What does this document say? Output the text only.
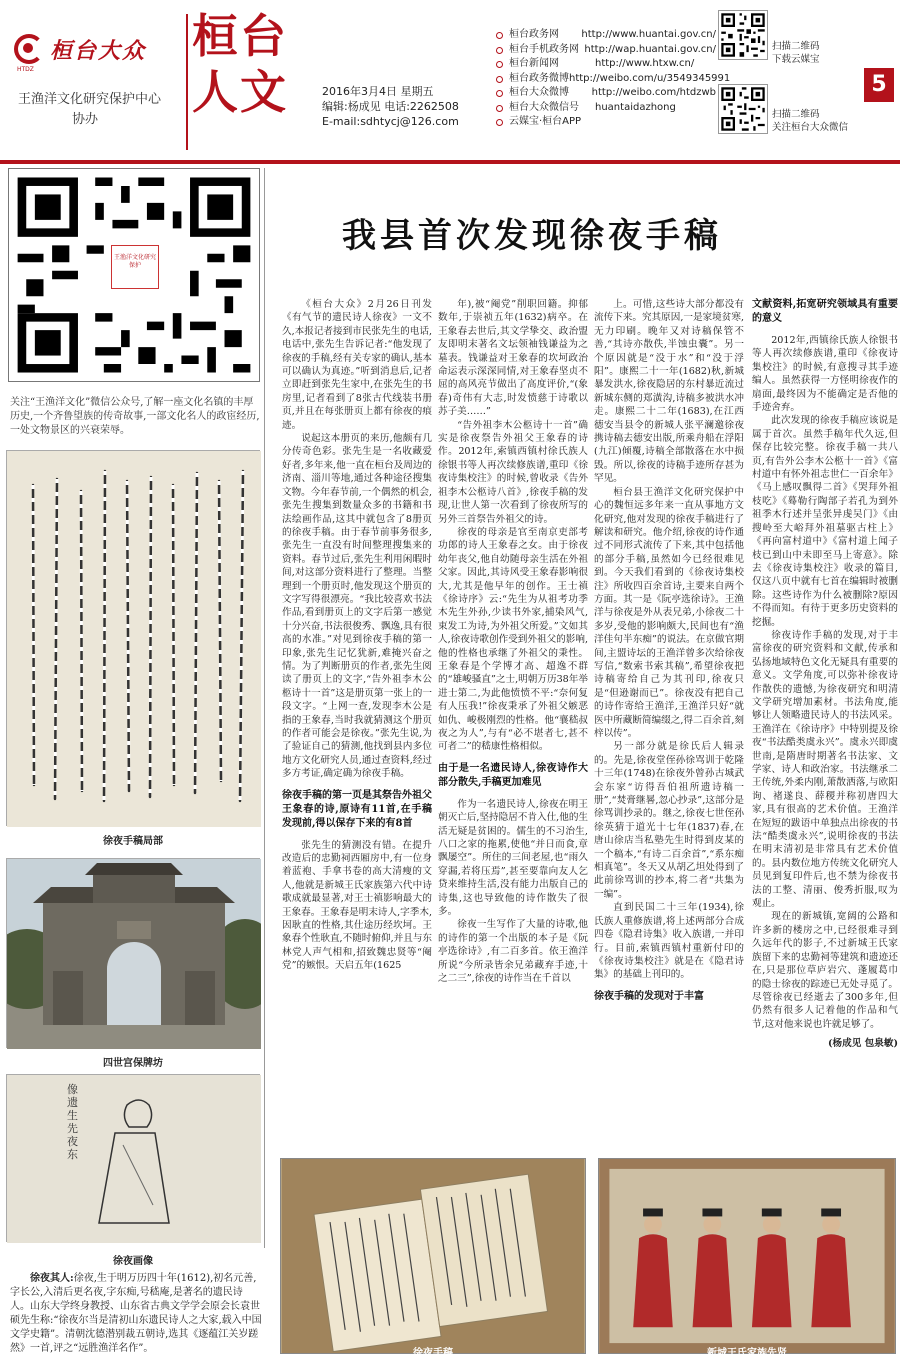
桓台大众
HTDZ
王渔洋文化研究保护中心
协办
桓台人文	2016年3月4日 星期五
编辑:杨成见 电话:2262508
E-mail:sdhtycj@126.com
桓台政务网	http://www.huantai.gov.cn/
桓台手机政务网 http://wap.huantai.gov.cn/
桓台新闻网	http://www.htxw.cn/
桓台政务微博 http://weibo.com/u/3549345991
桓台大众微博	http://weibo.com/htdzwb
桓台大众微信号	huantaidazhong
云媒宝·桓台APP
扫描二维码
下载云媒宝
扫描二维码
关注桓台大众微信
5
王渔洋文化研究保护
关注“王渔洋文化”微信公众号,了解一座文化名镇的丰厚历史,一个齐鲁望族的传奇故事,一部文化名人的政宦经历,一处文物景区的兴衰荣辱。
徐夜手稿局部
四世宫保牌坊
像遗生先夜东
徐夜画像
徐夜其人:徐夜,生于明万历四十年(1612),初名元善,字长公,入清后更名夜,字东痴,号嵇庵,是著名的遗民诗人。山东大学终身教授、山东省古典文学学会原会长袁世硕先生称:“徐夜尔当是清初山东遗民诗人之大家,载入中国文学史籍”。清朝沈德潜别裁五朝诗,选其《逐蕴江关岁蹉然》一首,评之“远胜渔洋名作”。
我县首次发现徐夜手稿

《桓台大众》2月26日刊发《有气节的遗民诗人徐夜》一文不久,本报记者接到市民张先生的电话,电话中,张先生告诉记者:“他发现了徐夜的手稿,经有关专家的确认,基本可以确认为真迹。”听到消息后,记者立即赶到张先生家中,在张先生的书房里,记者看到了8张古代线装书册页,并且在每张册页上都有徐夜的痕迹。

说起这本册页的来历,他颇有几分传奇色彩。张先生是一名收藏爱好者,多年来,他一直在桓台及周边的济南、淄川等地,通过各种途径搜集文物。今年春节前,一个偶然的机会,张先生搜集到数量众多的书籍和书法绘画作品,这其中就包含了8册页的徐夜手稿。由于春节前事务很多,张先生一直没有时间整理搜集来的资料。春节过后,张先生利用闲暇时间,对这部分资料进行了整理。当整理到一个册页时,他发现这个册页的文字写得很漂亮。“我比较喜欢书法作品,看到册页上的文字后第一感觉十分兴奋,书法很俊秀、飘逸,具有很高的水准。”对见到徐夜手稿的第一印象,张先生记忆犹新,难掩兴奋之情。为了判断册页的作者,张先生阅读了册页上的文字,“告外祖李木公柩诗十一首”这是册页第一张上的一段文字。“上网一查,发现李木公是指的王象春,当时我就猜测这个册页的作者可能会是徐夜。”张先生说,为了验证自己的猜测,他找到县内多位地方文化研究人员,通过查资料,经过多方考证,确定确为徐夜手稿。

徐夜手稿的第一页是其祭告外祖父王象春的诗,原诗有11首,在手稿发现前,得以保存下来的有8首

张先生的猜测没有错。在提升改造后的忠勤祠西厢房中,有一位身着蓝袍、手拿书卷的高大清瘦的文人,他就是新城王氏家族第六代中诗歌成就最显著,对王士禛影响最大的王象春。王象春是明末诗人,字季木,因耿直的性格,其仕途历经坎坷。王象春个性耿直,不随时俯仰,并且与东林党人声气相和,招致魏忠贤等“阉党”的嫉恨。天启五年(1625

年),被“阉党”削职回籍。抑郁数年,于崇祯五年(1632)病卒。在王象春去世后,其文学挚交、政治盟友即明末著名文坛领袖钱谦益为之墓表。钱谦益对王象春的坎坷政治命运表示深深同情,对王象春坚贞不屈的高风亮节做出了高度评价,“(象春)奇伟有大志,时发愤慈于诗歌以苏子美……”

“告外祖李木公柩诗十一首”确实是徐夜祭告外祖父王象春的诗作。2012年,索镇西镇村徐氏族人徐银书等人再次续修族谱,重印《徐夜诗集校注》的时候,曾收录《告外祖李木公柩诗八首》,徐夜手稿的发现,让世人第一次看到了徐夜所写的另外三首祭告外祖父的诗。

徐夜的母亲是官至南京吏部考功郎的诗人王象春之女。由于徐夜幼年丧父,他自幼随母亲生活在外祖父家。因此,其诗风受王象春影响很大,尤其是他早年的创作。王士禛《徐诗序》云:“先生为从祖考功季木先生外孙,少读书外家,捕染风气,束发工为诗,为外祖父所爱。”文如其人,徐夜诗歌创作受到外祖父的影响,他的性格也承继了外祖父的秉性。王象春是个学博才高、超逸不群的“雄峻骚直”之士,明朝万历38年举进士第二,为此他愤愤不平:“奈何复有人压我!”徐夜秉承了外祖父嫉恶如仇、峻极刚烈的性格。他“襄嵇叔夜之为人”,与有“必不堪者七,甚不可者二”的嵇康性格相似。

由于是一名遗民诗人,徐夜诗作大部分散失,手稿更加难见

作为一名遗民诗人,徐夜在明王朝灭亡后,坚持隐居不肯入仕,他的生活无疑是贫困的。儒生的不习治生,八口之家的拖累,使他“并日而食,章飘屡空”。所住的三间老屋,也“雨久穿漏,若将压焉”,甚至要靠向友人乞贷来维持生活,没有能力出版自己的诗集,这也导致他的诗作散失了很多。

徐夜一生写作了大量的诗歌,他的诗作的第一个出版的本子是《阮亭选徐诗》,有二百多首。依王渔洋所说“今所录皆余兄弟藏弃手迹,十之二三”,徐夜的诗作当在千首以

上。可惜,这些诗大部分都没有流传下来。究其原因,一是家境贫寒,无力印刷。晚年又对诗稿保管不善,“其诗亦散佚,半蚀虫囊”。另一个原因就是“没于水”和“没于浮阳”。康熙二十一年(1682)秋,新城暴发洪水,徐夜隐居的东村暴近流过新城东侧的郑潢沟,诗稿多被洪水冲走。康熙二十二年(1683),在江西德安当县令的新城人张平澜邀徐夜携诗稿去德安出版,所乘舟船在浮阳(九江)倾覆,诗稿全部散落在水中损毁。所以,徐夜的诗稿手迹所存甚为罕见。

桓台县王渔洋文化研究保护中心的魏恒远多年来一直从事地方文化研究,他对发现的徐夜手稿进行了解读和研究。他介绍,徐夜的诗作通过不同形式流传了下来,其中包括他的部分手稿,虽然如今已经很难见到。今天我们看到的《徐夜诗集校注》所收四百余首诗,主要来自两个方面。其一是《阮亭选徐诗》。王渔洋与徐夜是外从表兄弟,小徐夜二十多岁,受他的影响颇大,民间也有“渔洋佳句半东痴”的说法。在京做官期间,主盟诗坛的王渔洋曾多次给徐夜写信,“数索书索其稿”,希望徐夜把诗稿寄给自己为其刊印,徐夜只是“但逊谢而已”。徐夜没有把自己的诗作寄给王渔洋,王渔洋只好“就医中所藏断简编缀之,得二百余首,刻梓以传”。

另一部分就是徐氏后人辑录的。先是,徐夜堂侄孙徐骂训于乾隆十三年(1748)在徐夜外曾孙古城武会东家“访得吾伯祖所遗诗稿一册”,“焚膏继晷,忽心抄录”,这部分是徐骂训抄录的。继之,徐夜七世侄孙徐英猜于道光十七年(1837)春,在唐山徐店当私塾先生时得到皮某的一个稿本,“有诗二百余首”,“系东痴相真笔”。冬天又从胡乙坦处得到了此前徐骂训的抄本,将二者“共集为一编”。

直到民国二十三年(1934),徐氏族人重修族谱,将上述两部分合成四卷《隐君诗集》收入族谱,一并印行。目前,索镇西镇村重新付印的《徐夜诗集校注》就是在《隐君诗集》的基础上刊印的。

徐夜手稿的发现对于丰富
文献资料,拓宽研究领域具有重要的意义

2012年,西镇徐氏族人徐银书等人再次续修族谱,重印《徐夜诗集校注》的时候,有意搜寻其手迹编人。虽然获得一方怪明徐夜作的扇面,最终因为不能确定是否他的手迹舍弃。

此次发现的徐夜手稿应该说是属于首次。虽然手稿年代久远,但保存比较完整。徐夜手稿一共八页,有告外公李木公柩十一首》《富村道中有怀外祖志世仁一百余年》《马上感叹飘得二首》《哭拜外祖枝吃》《蓦勒行陶部子若孔为到外祖季木行述并呈张异虔吴门》《由搜岭至大峪拜外祖墓驱古柱上》《再向富村道中》《富村道上闻子枝已到山中未即至马上寄意》。除去《徐夜诗集校注》收录的篇目,仅这八页中就有七首在编辑时被删除。这些诗作为什么被删除?原因不得而知。有待于更多历史资料的挖掘。

徐夜诗作手稿的发现,对于丰富徐夜的研究资料和文献,传承和弘扬地域特色文化无疑具有重要的意义。文学角度,可以弥补徐夜诗作散佚的遗憾,为徐夜研究和明清文学研究增加素材。书法角度,能够让人领略遗民诗人的书法风采。王渔洋在《徐诗序》中特别提及徐夜“书法酷类虞永兴”。虞永兴即虞世南,是隋唐时期著名书法家、文学家、诗人和政治家。书法继承二王传统,外柔内刚,萧散洒落,与欧阳询、褚遂良、薛稷并称初唐四大家,具有很高的艺术价值。王渔洋在短短的跋语中单独点出徐夜的书法“酷类虞永兴”,说明徐夜的书法在明末清初是非常具有艺术价值的。县内数位地方传统文化研究人员见到复印件后,也不禁为徐夜书法的工整、清丽、俊秀折服,叹为观止。

现在的新城镇,宽阔的公路和许多新的楼房之中,已经很难寻到久远年代的影子,不过新城王氏家族留下来的忠勤祠等建筑和遗迹还在,只是那位草庐岩穴、蓬履葛巾的隐士徐夜的踪迹已无处寻觅了。尽管徐夜已经逝去了300多年,但仍然有很多人记着他的作品和气节,这对他来说也许就足够了。

(杨成见 包泉敏)
徐夜手稿	新城王氏家族先贤
